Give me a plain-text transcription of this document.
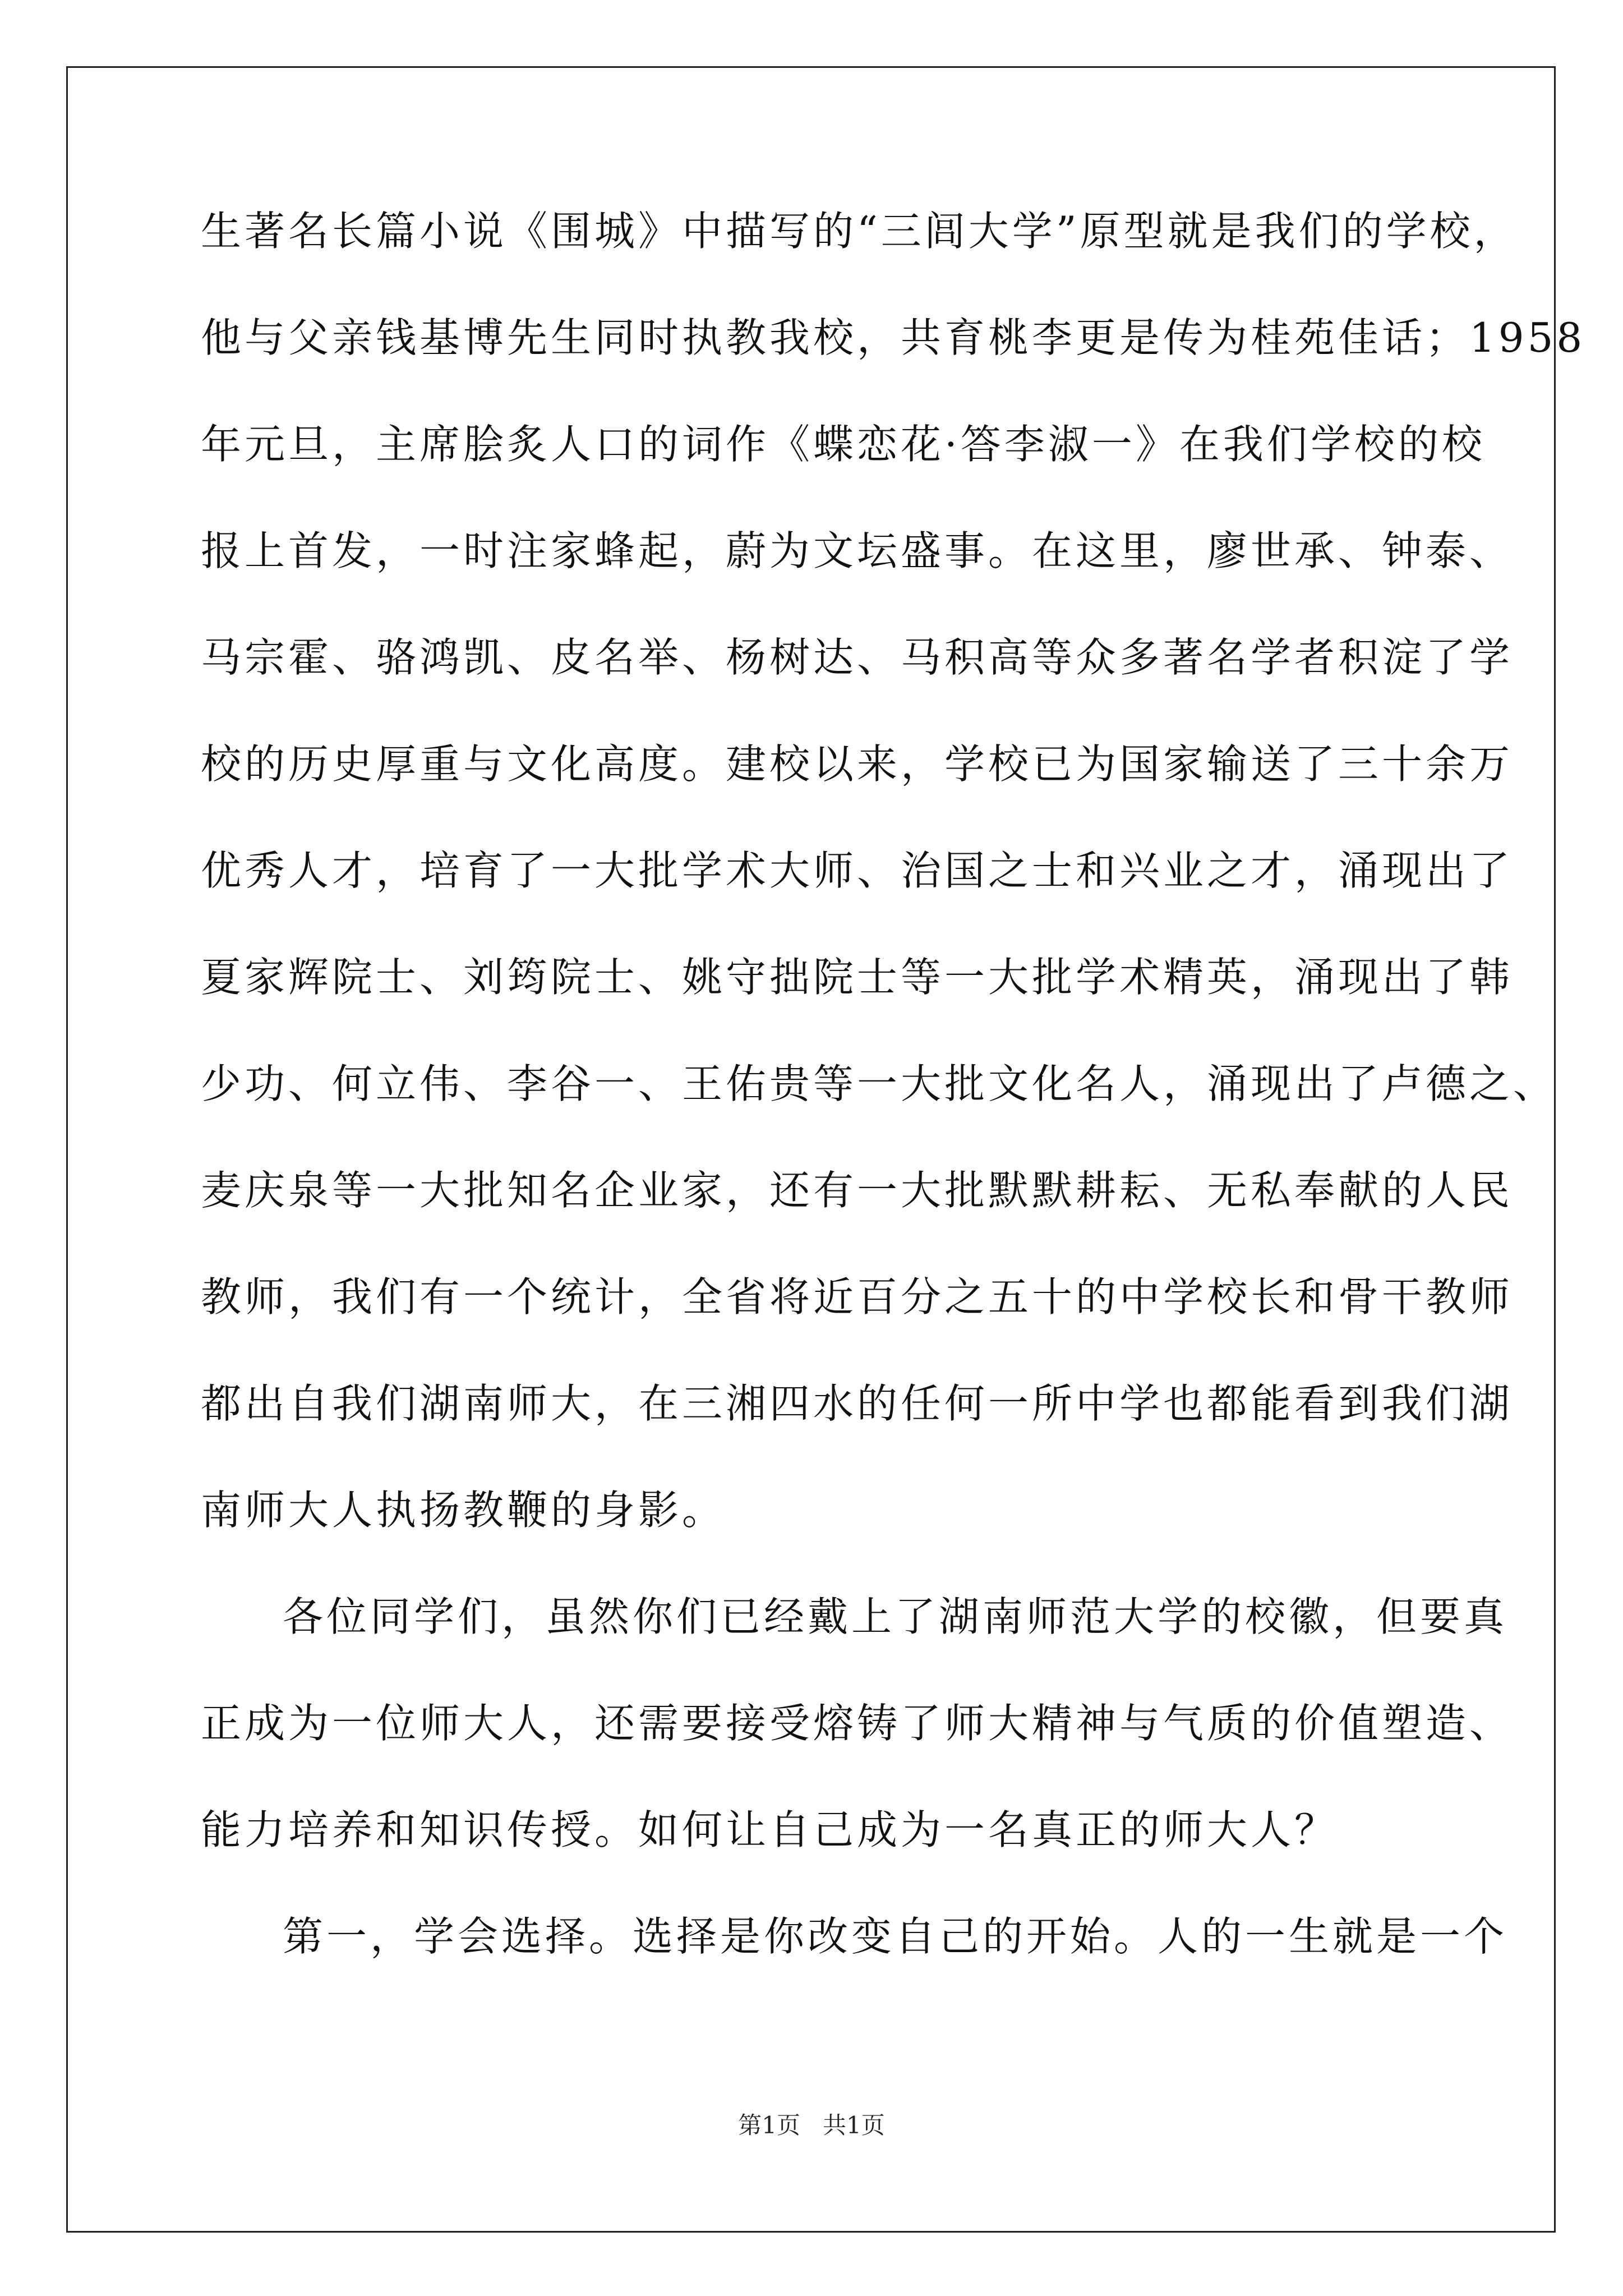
生著名长篇小说《围城》中描写的“三闾大学”原型就是我们的学校，
他与父亲钱基博先生同时执教我校，共育桃李更是传为桂苑佳话；1958
年元旦，主席脍炙人口的词作《蝶恋花·答李淑一》在我们学校的校
报上首发，一时注家蜂起，蔚为文坛盛事。在这里，廖世承、钟泰、
马宗霍、骆鸿凯、皮名举、杨树达、马积高等众多著名学者积淀了学
校的历史厚重与文化高度。建校以来，学校已为国家输送了三十余万
优秀人才，培育了一大批学术大师、治国之士和兴业之才，涌现出了
夏家辉院士、刘筠院士、姚守拙院士等一大批学术精英，涌现出了韩
少功、何立伟、李谷一、王佑贵等一大批文化名人，涌现出了卢德之、
麦庆泉等一大批知名企业家，还有一大批默默耕耘、无私奉献的人民
教师，我们有一个统计，全省将近百分之五十的中学校长和骨干教师
都出自我们湖南师大，在三湘四水的任何一所中学也都能看到我们湖
南师大人执扬教鞭的身影。
各位同学们，虽然你们已经戴上了湖南师范大学的校徽，但要真
正成为一位师大人，还需要接受熔铸了师大精神与气质的价值塑造、
能力培养和知识传授。如何让自己成为一名真正的师大人？
第一，学会选择。选择是你改变自己的开始。人的一生就是一个
第1页 共1页
